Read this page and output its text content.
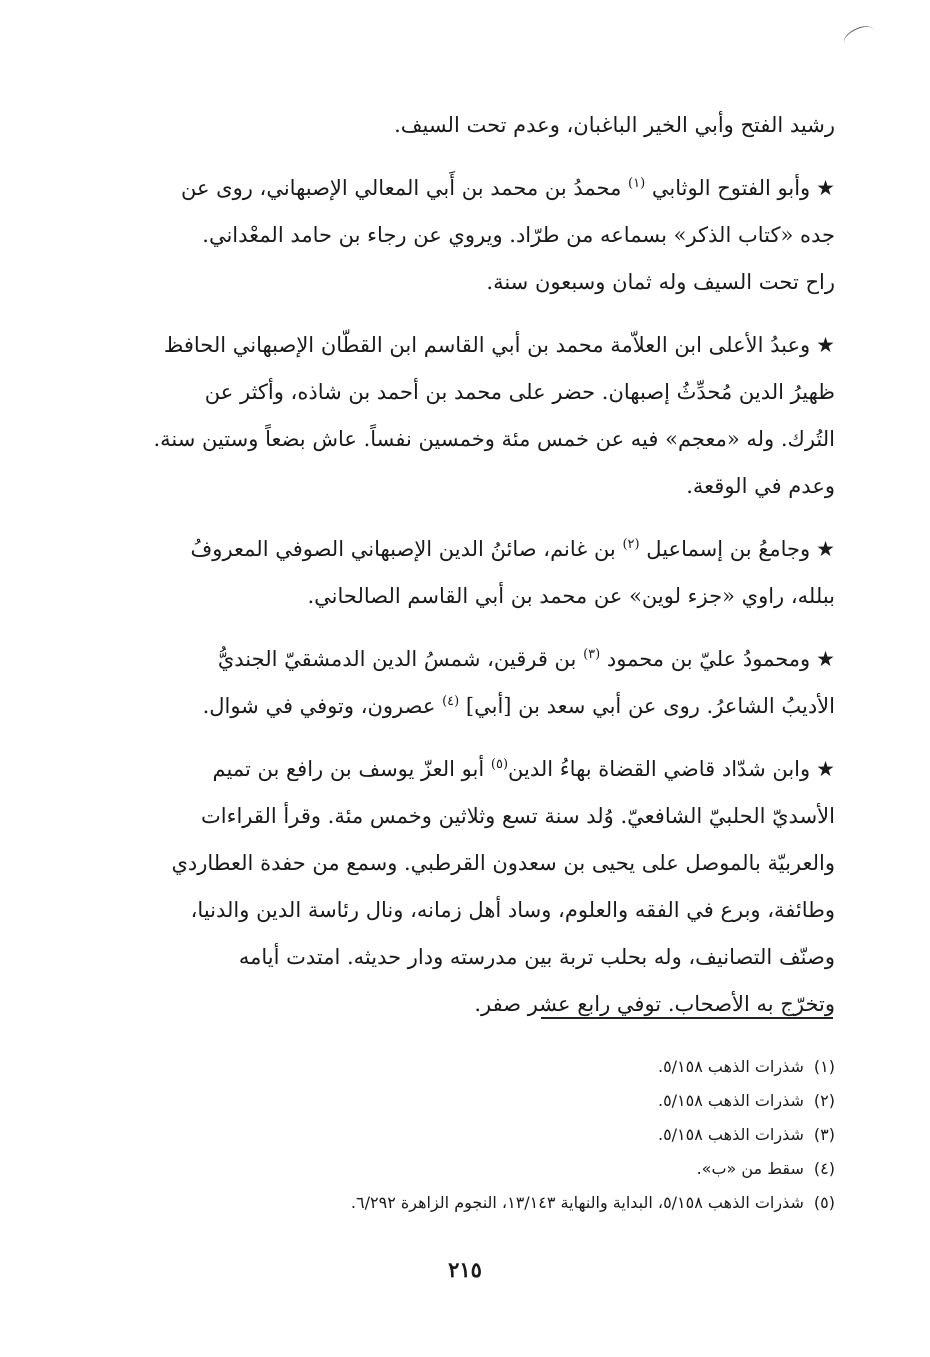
رشيد الفتح وأبي الخير الباغبان، وعدم تحت السيف.

★وأبو الفتوح الوثابي $^{(١)}$ محمدُ بن محمد بن أَبي المعالي الإصبهاني، روى عن

جده «كتاب الذكر» بسماعه من طرّاد. ويروي عن رجاء بن حامد المعْداني.

راح تحت السيف وله ثمان وسبعون سنة.

★وعبدُ الأعلى ابن العلاّمة محمد بن أبي القاسم ابن القطّان الإصبهاني الحافظ

ظهيرُ الدين مُحدِّثُ إصبهان. حضر على محمد بن أحمد بن شاذه، وأكثر عن

التُرك. وله «معجم» فيه عن خمس مئة وخمسين نفساً. عاش بضعاً وستين سنة.

وعدم في الوقعة.

★وجامعُ بن إسماعيل $^{(٢)}$ بن غانم، صائنُ الدين الإصبهاني الصوفي المعروفُ

ببلله، راوي «جزء لوين» عن محمد بن أبي القاسم الصالحاني.

★ومحمودُ عليّ بن محمود $^{(٣)}$ بن قرقين، شمسُ الدين الدمشقيّ الجنديُّ

الأديبُ الشاعرُ. روى عن أبي سعد بن [أبي] $^{(٤)}$ عصرون، وتوفي في شوال.

★وابن شدّاد قاضي القضاة بهاءُ الدين$^{(٥)}$ أبو العزّ يوسف بن رافع بن تميم

الأسديّ الحلبيّ الشافعيّ. وُلد سنة تسع وثلاثين وخمس مئة. وقرأ القراءات

والعربيّة بالموصل على يحيى بن سعدون القرطبي. وسمع من حفدة العطاردي

وطائفة، وبرع في الفقه والعلوم، وساد أهل زمانه، ونال رئاسة الدين والدنيا،

وصنّف التصانيف، وله بحلب تربة بين مدرسته ودار حديثه. امتدت أيامه

وتخرّج به الأصحاب. توفي رابع عشر صفر.

(١)
شذرات الذهب ٥/١٥٨.
(٢)
شذرات الذهب ٥/١٥٨.
(٣)
شذرات الذهب ٥/١٥٨.
(٤)
سقط من «ب».
(٥)
شذرات الذهب ٥/١٥٨، البداية والنهاية ١٣/١٤٣، النجوم الزاهرة ٦/٢٩٢.
٢١٥
